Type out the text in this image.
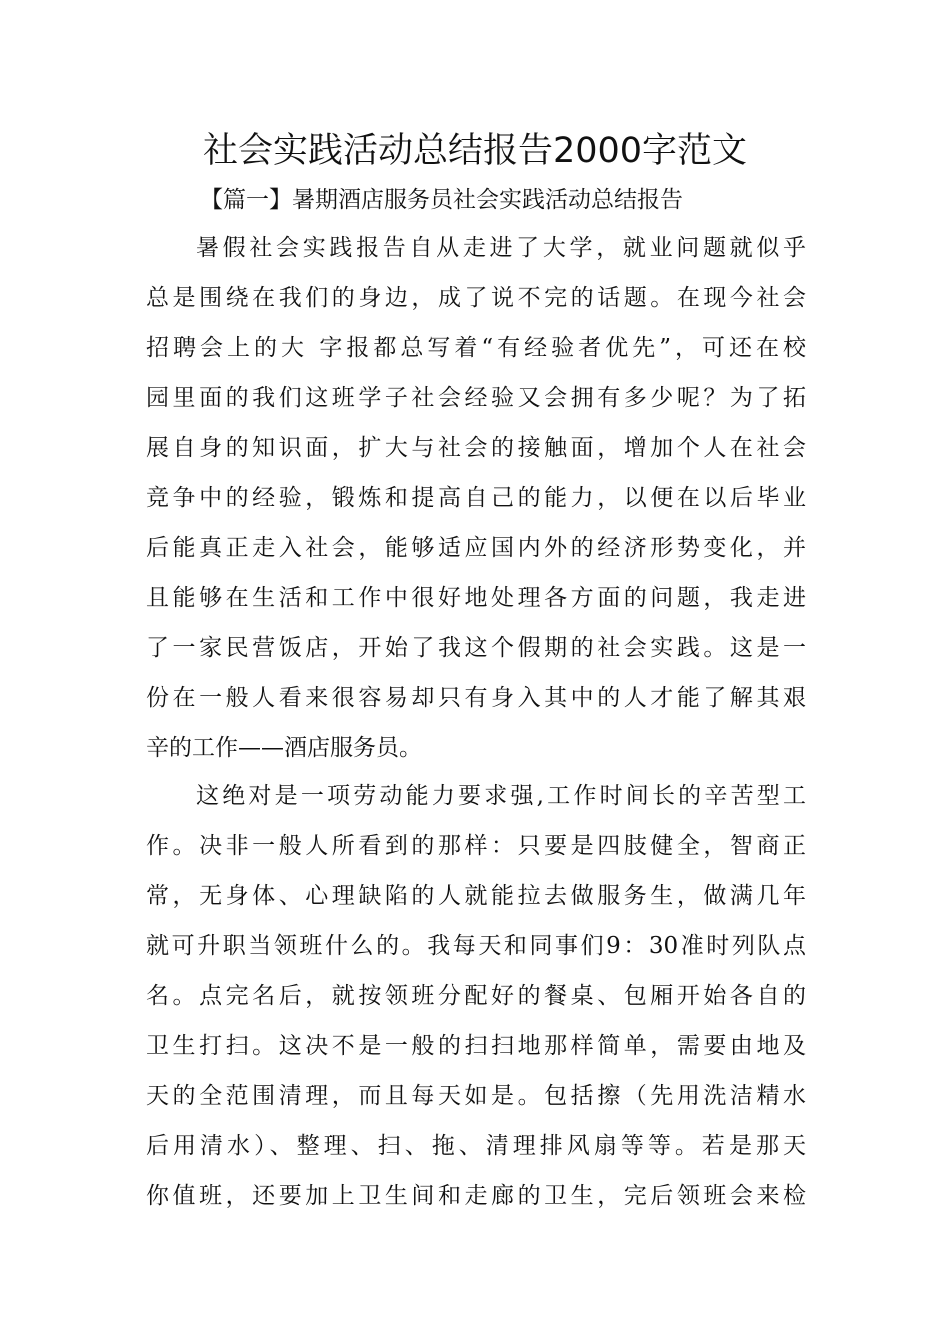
社会实践活动总结报告2000字范文

【篇一】暑期酒店服务员社会实践活动总结报告

暑假社会实践报告自从走进了大学，就业问题就似乎
总是围绕在我们的身边，成了说不完的话题。在现今社会
招聘会上的大 字报都总写着“有经验者优先”，可还在校
园里面的我们这班学子社会经验又会拥有多少呢？为了拓
展自身的知识面，扩大与社会的接触面，增加个人在社会
竞争中的经验，锻炼和提高自己的能力，以便在以后毕业
后能真正走入社会，能够适应国内外的经济形势变化，并
且能够在生活和工作中很好地处理各方面的问题，我走进
了一家民营饭店，开始了我这个假期的社会实践。这是一
份在一般人看来很容易却只有身入其中的人才能了解其艰
辛的工作——酒店服务员。
这绝对是一项劳动能力要求强,工作时间长的辛苦型工
作。决非一般人所看到的那样：只要是四肢健全，智商正
常，无身体、心理缺陷的人就能拉去做服务生，做满几年
就可升职当领班什么的。我每天和同事们9：30准时列队点
名。点完名后，就按领班分配好的餐桌、包厢开始各自的
卫生打扫。这决不是一般的扫扫地那样简单，需要由地及
天的全范围清理，而且每天如是。包括擦（先用洗洁精水
后用清水）、整理、扫、拖、清理排风扇等等。若是那天
你值班，还要加上卫生间和走廊的卫生，完后领班会来检
